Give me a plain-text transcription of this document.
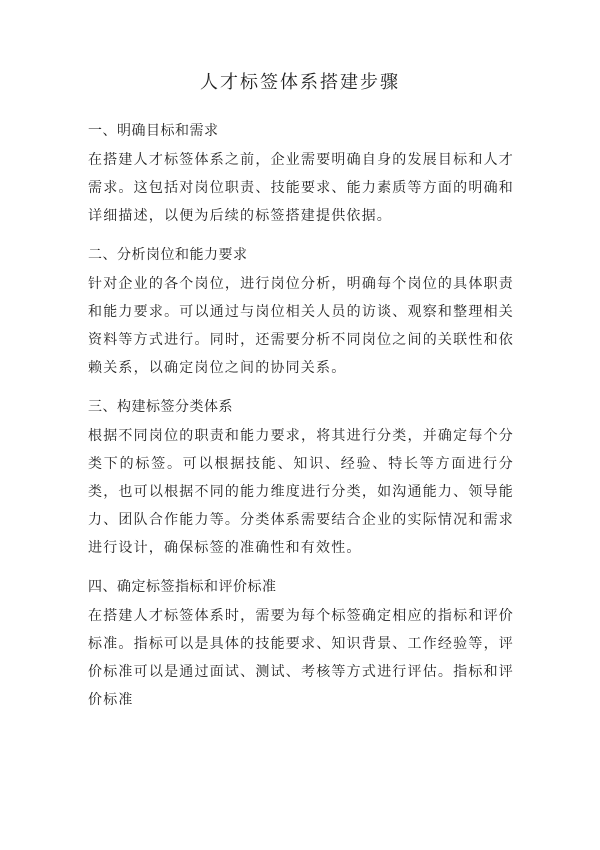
人才标签体系搭建步骤
一、明确目标和需求

在搭建人才标签体系之前，企业需要明确自身的发展目标和人才需求。这包括对岗位职责、技能要求、能力素质等方面的明确和详细描述，以便为后续的标签搭建提供依据。

二、分析岗位和能力要求

针对企业的各个岗位，进行岗位分析，明确每个岗位的具体职责和能力要求。可以通过与岗位相关人员的访谈、观察和整理相关资料等方式进行。同时，还需要分析不同岗位之间的关联性和依赖关系，以确定岗位之间的协同关系。

三、构建标签分类体系

根据不同岗位的职责和能力要求，将其进行分类，并确定每个分类下的标签。可以根据技能、知识、经验、特长等方面进行分类，也可以根据不同的能力维度进行分类，如沟通能力、领导能力、团队合作能力等。分类体系需要结合企业的实际情况和需求进行设计，确保标签的准确性和有效性。

四、确定标签指标和评价标准

在搭建人才标签体系时，需要为每个标签确定相应的指标和评价标准。指标可以是具体的技能要求、知识背景、工作经验等，评价标准可以是通过面试、测试、考核等方式进行评估。指标和评价标准
